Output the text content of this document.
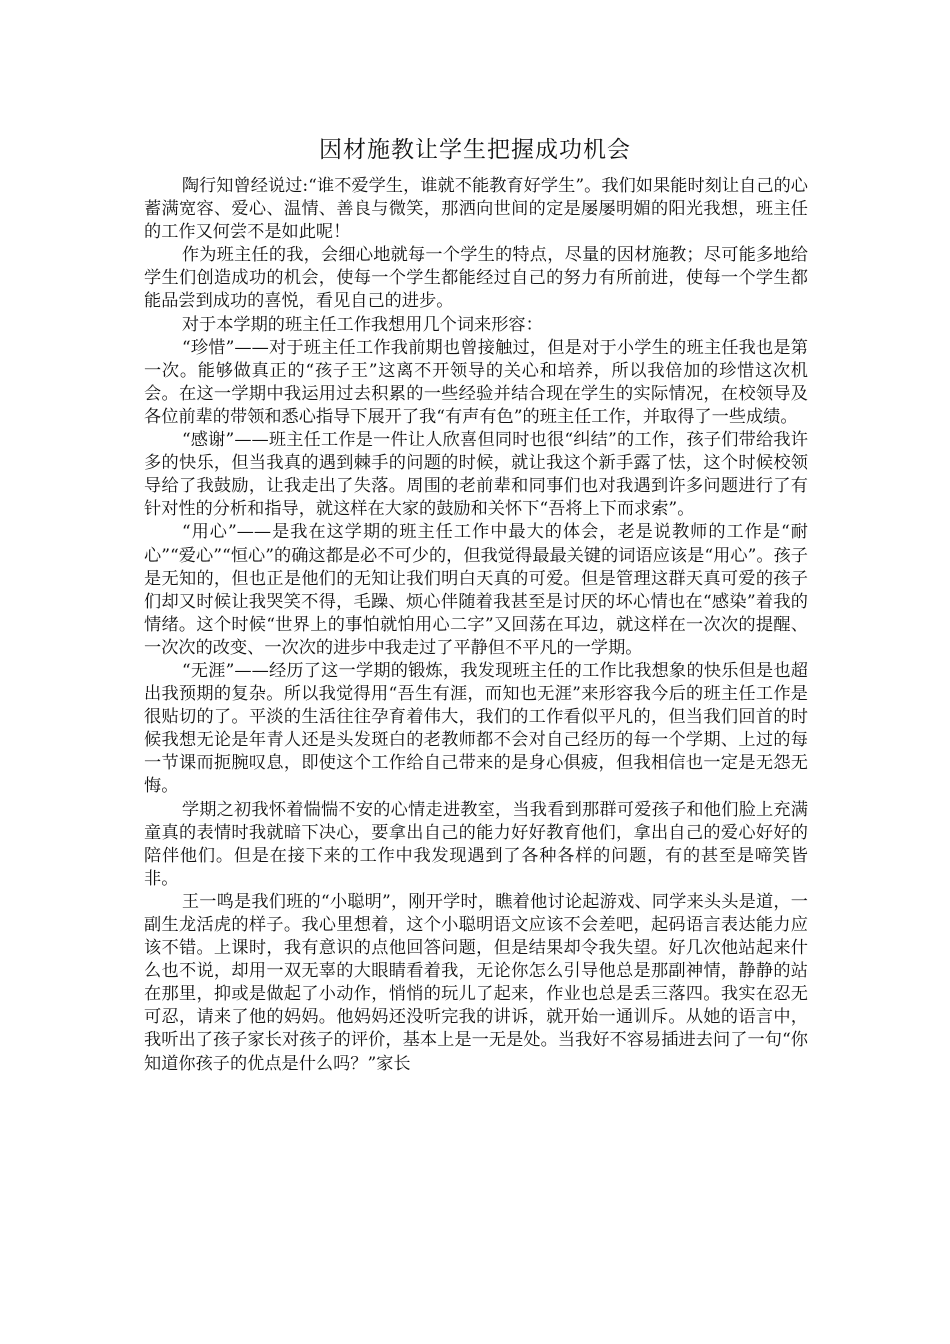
因材施教让学生把握成功机会

陶行知曾经说过:“谁不爱学生，谁就不能教育好学生”。我们如果能时刻让自己的心蓄满宽容、爱心、温情、善良与微笑，那洒向世间的定是屡屡明媚的阳光我想，班主任的工作又何尝不是如此呢！

作为班主任的我，会细心地就每一个学生的特点，尽量的因材施教；尽可能多地给学生们创造成功的机会，使每一个学生都能经过自己的努力有所前进，使每一个学生都能品尝到成功的喜悦，看见自己的进步。

对于本学期的班主任工作我想用几个词来形容：

“珍惜”——对于班主任工作我前期也曾接触过，但是对于小学生的班主任我也是第一次。能够做真正的“孩子王”这离不开领导的关心和培养，所以我倍加的珍惜这次机会。在这一学期中我运用过去积累的一些经验并结合现在学生的实际情况，在校领导及各位前辈的带领和悉心指导下展开了我“有声有色”的班主任工作，并取得了一些成绩。

“感谢”——班主任工作是一件让人欣喜但同时也很“纠结”的工作，孩子们带给我许多的快乐，但当我真的遇到棘手的问题的时候，就让我这个新手露了怯，这个时候校领导给了我鼓励，让我走出了失落。周围的老前辈和同事们也对我遇到许多问题进行了有针对性的分析和指导，就这样在大家的鼓励和关怀下“吾将上下而求索”。

“用心”——是我在这学期的班主任工作中最大的体会，老是说教师的工作是“耐心”“爱心”“恒心”的确这都是必不可少的，但我觉得最最关键的词语应该是“用心”。孩子是无知的，但也正是他们的无知让我们明白天真的可爱。但是管理这群天真可爱的孩子们却又时候让我哭笑不得，毛躁、烦心伴随着我甚至是讨厌的坏心情也在“感染”着我的情绪。这个时候“世界上的事怕就怕用心二字”又回荡在耳边，就这样在一次次的提醒、一次次的改变、一次次的进步中我走过了平静但不平凡的一学期。

“无涯”——经历了这一学期的锻炼，我发现班主任的工作比我想象的快乐但是也超出我预期的复杂。所以我觉得用“吾生有涯，而知也无涯”来形容我今后的班主任工作是很贴切的了。平淡的生活往往孕育着伟大，我们的工作看似平凡的，但当我们回首的时候我想无论是年青人还是头发斑白的老教师都不会对自己经历的每一个学期、上过的每一节课而扼腕叹息，即使这个工作给自己带来的是身心俱疲，但我相信也一定是无怨无悔。

学期之初我怀着惴惴不安的心情走进教室，当我看到那群可爱孩子和他们脸上充满童真的表情时我就暗下决心，要拿出自己的能力好好教育他们，拿出自己的爱心好好的陪伴他们。但是在接下来的工作中我发现遇到了各种各样的问题，有的甚至是啼笑皆非。

王一鸣是我们班的“小聪明”，刚开学时，瞧着他讨论起游戏、同学来头头是道，一副生龙活虎的样子。我心里想着，这个小聪明语文应该不会差吧，起码语言表达能力应该不错。上课时，我有意识的点他回答问题，但是结果却令我失望。好几次他站起来什么也不说，却用一双无辜的大眼睛看着我，无论你怎么引导他总是那副神情，静静的站在那里，抑或是做起了小动作，悄悄的玩儿了起来，作业也总是丢三落四。我实在忍无可忍，请来了他的妈妈。他妈妈还没听完我的讲诉，就开始一通训斥。从她的语言中，我听出了孩子家长对孩子的评价，基本上是一无是处。当我好不容易插进去问了一句“你知道你孩子的优点是什么吗？”家长
